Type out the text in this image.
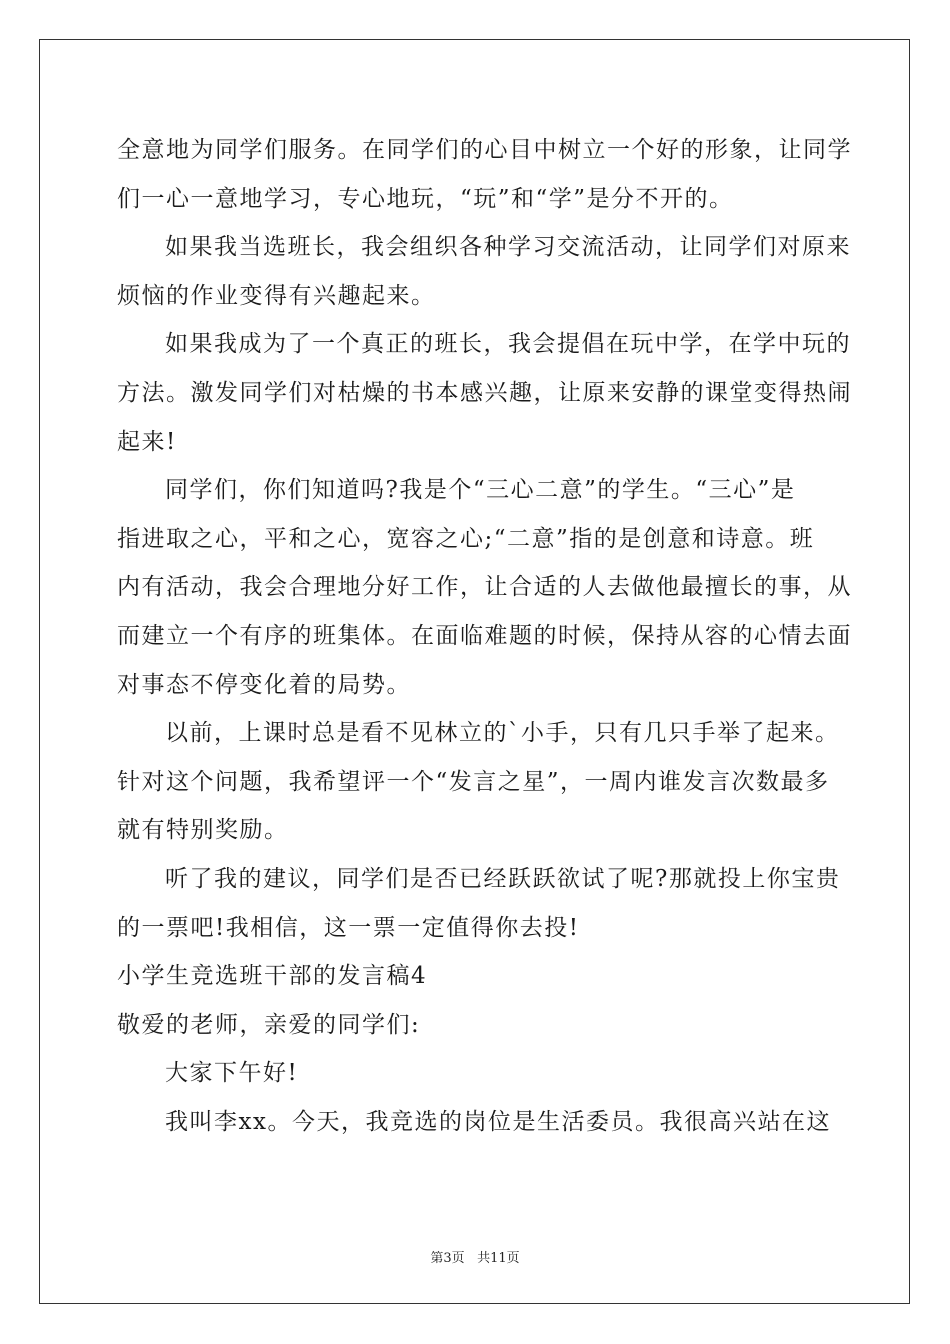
全意地为同学们服务。在同学们的心目中树立一个好的形象，让同学
们一心一意地学习，专心地玩，“玩”和“学”是分不开的。
如果我当选班长，我会组织各种学习交流活动，让同学们对原来
烦恼的作业变得有兴趣起来。
如果我成为了一个真正的班长，我会提倡在玩中学，在学中玩的
方法。激发同学们对枯燥的书本感兴趣，让原来安静的课堂变得热闹
起来!
同学们，你们知道吗?我是个“三心二意”的学生。“三心”是
指进取之心，平和之心，宽容之心;“二意”指的是创意和诗意。班
内有活动，我会合理地分好工作，让合适的人去做他最擅长的事，从
而建立一个有序的班集体。在面临难题的时候，保持从容的心情去面
对事态不停变化着的局势。
以前，上课时总是看不见林立的`小手，只有几只手举了起来。
针对这个问题，我希望评一个“发言之星”，一周内谁发言次数最多
就有特别奖励。
听了我的建议，同学们是否已经跃跃欲试了呢?那就投上你宝贵
的一票吧!我相信，这一票一定值得你去投!
小学生竞选班干部的发言稿4
敬爱的老师，亲爱的同学们:
大家下午好!
我叫李xx。今天，我竞选的岗位是生活委员。我很高兴站在这
第3页 共11页
